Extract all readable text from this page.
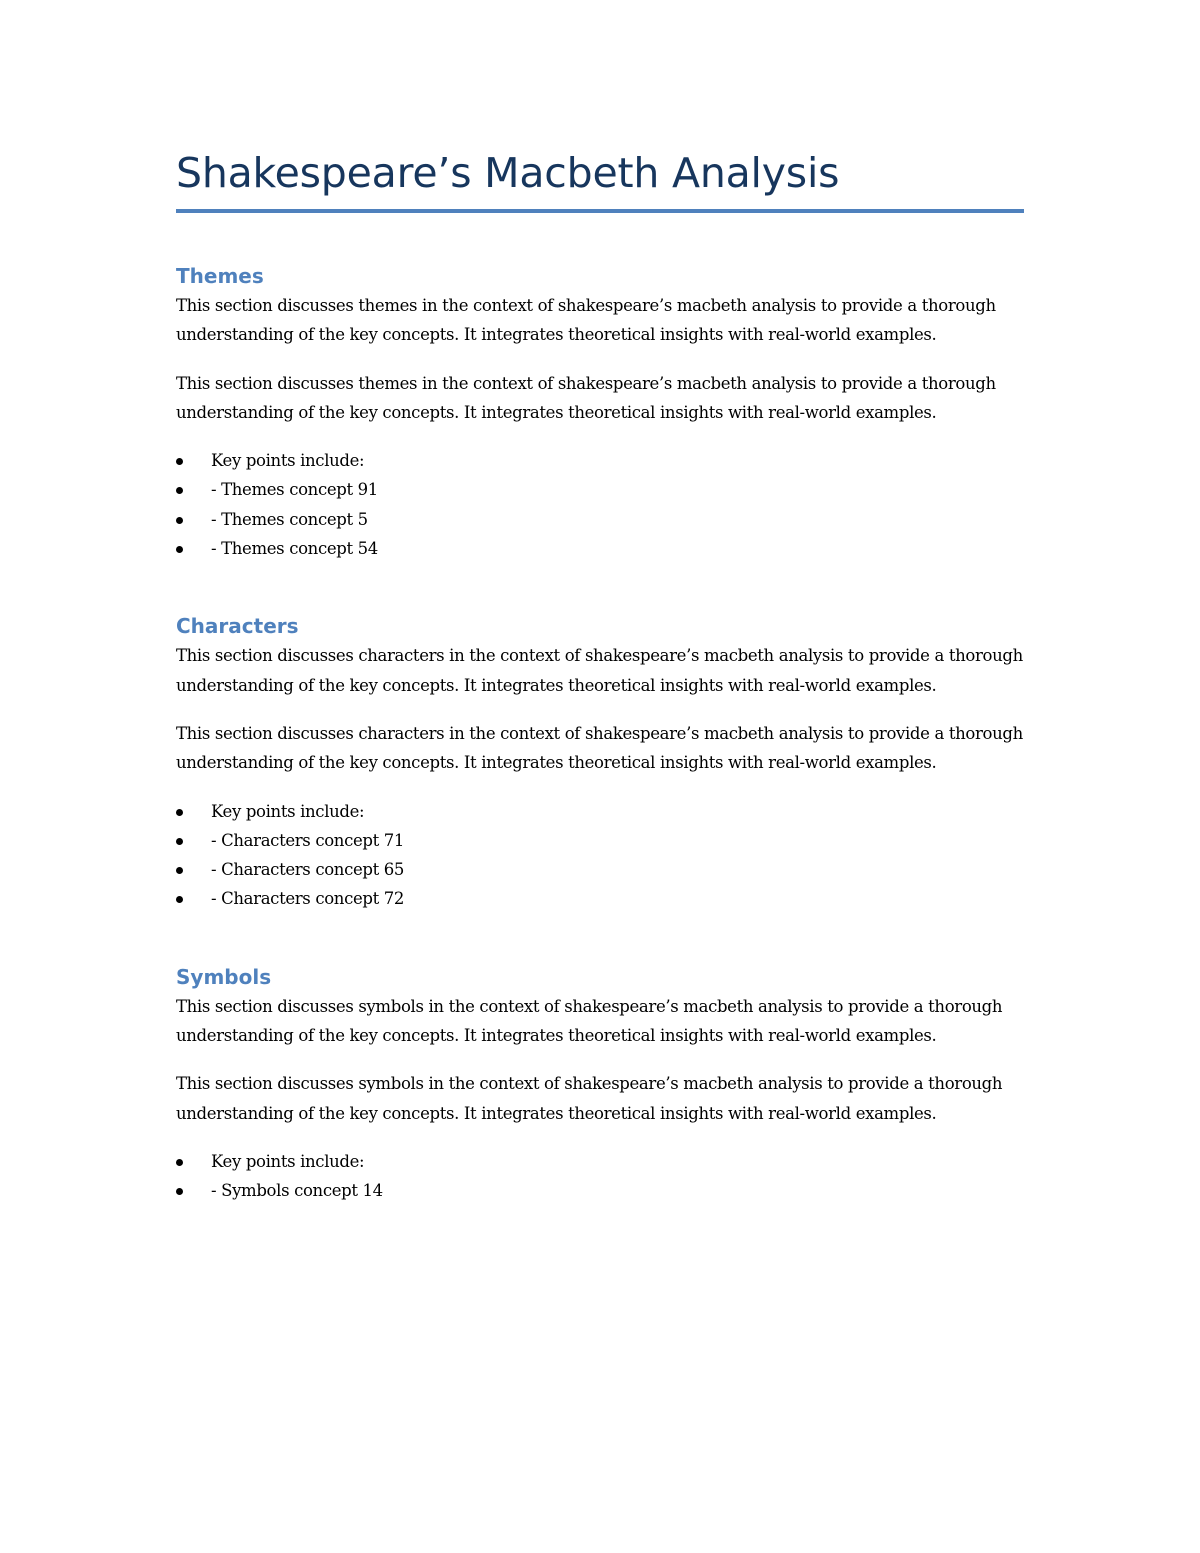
Shakespeare’s Macbeth Analysis
Themes

This section discusses themes in the context of shakespeare’s macbeth analysis to provide a thorough understanding of the key concepts. It integrates theoretical insights with real-world examples.

This section discusses themes in the context of shakespeare’s macbeth analysis to provide a thorough understanding of the key concepts. It integrates theoretical insights with real-world examples.

Key points include:
- Themes concept 91
- Themes concept 5
- Themes concept 54
Characters

This section discusses characters in the context of shakespeare’s macbeth analysis to provide a thorough understanding of the key concepts. It integrates theoretical insights with real-world examples.

This section discusses characters in the context of shakespeare’s macbeth analysis to provide a thorough understanding of the key concepts. It integrates theoretical insights with real-world examples.

Key points include:
- Characters concept 71
- Characters concept 65
- Characters concept 72
Symbols

This section discusses symbols in the context of shakespeare’s macbeth analysis to provide a thorough understanding of the key concepts. It integrates theoretical insights with real-world examples.

This section discusses symbols in the context of shakespeare’s macbeth analysis to provide a thorough understanding of the key concepts. It integrates theoretical insights with real-world examples.

Key points include:
- Symbols concept 14
